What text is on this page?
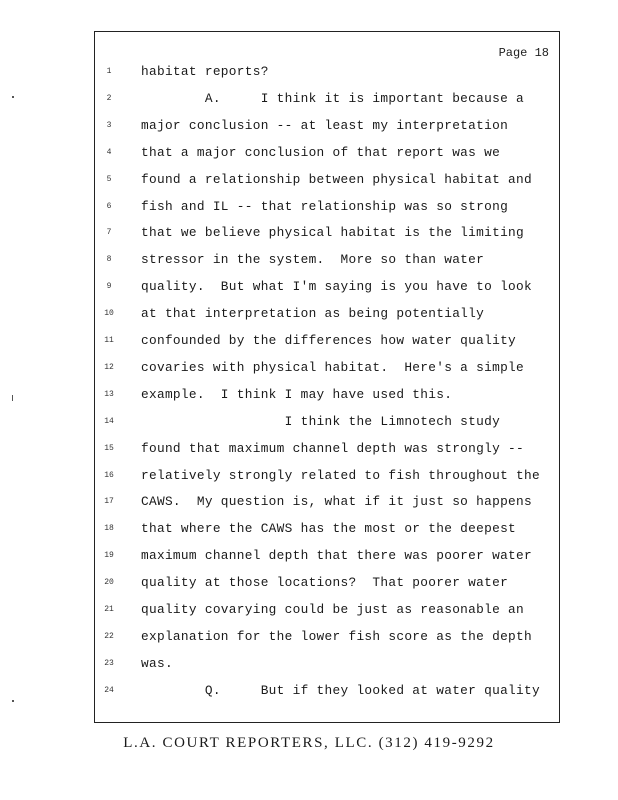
Page 18
1	habitat reports?
2	A.     I think it is important because a
3	major conclusion -- at least my interpretation
4	that a major conclusion of that report was we
5	found a relationship between physical habitat and
6	fish and IL -- that relationship was so strong
7	that we believe physical habitat is the limiting
8	stressor in the system.  More so than water
9	quality.  But what I'm saying is you have to look
10	at that interpretation as being potentially
11	confounded by the differences how water quality
12	covaries with physical habitat.  Here's a simple
13	example.  I think I may have used this.
14	I think the Limnotech study
15	found that maximum channel depth was strongly --
16	relatively strongly related to fish throughout the
17	CAWS.  My question is, what if it just so happens
18	that where the CAWS has the most or the deepest
19	maximum channel depth that there was poorer water
20	quality at those locations?  That poorer water
21	quality covarying could be just as reasonable an
22	explanation for the lower fish score as the depth
23	was.
24	Q.     But if they looked at water quality
L.A. COURT REPORTERS, LLC. (312) 419-9292
